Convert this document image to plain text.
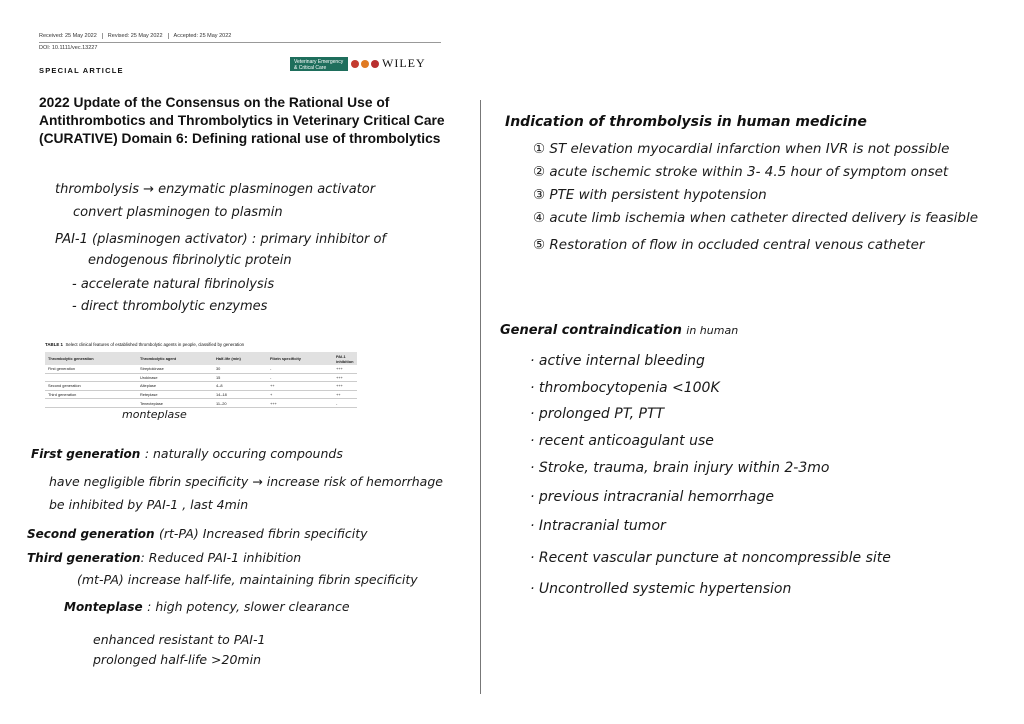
Received: 25 May 2022 Revised: 25 May 2022 Accepted: 25 May 2022
DOI: 10.1111/vec.13227
SPECIAL ARTICLE
Veterinary Emergency & Critical Care	WILEY
2022 Update of the Consensus on the Rational Use of Antithrombotics and Thrombolytics in Veterinary Critical Care (CURATIVE) Domain 6: Defining rational use of thrombolytics
thrombolysis → enzymatic plasminogen activator
convert plasminogen to plasmin
PAI-1 (plasminogen activator) : primary inhibitor of
endogenous fibrinolytic protein
- accelerate natural fibrinolysis
- direct thrombolytic enzymes
TABLE 1 Select clinical features of established thrombolytic agents in people, classified by generation
Thrombolytic generation	Thrombolytic agent	Half-life (min)	Fibrin specificity	PAI-1 inhibition
First generation	Streptokinase	30	-	+++
	Urokinase	15	-	+++
Second generation	Alteplase	4–8	++	+++
Third generation	Reteplase	14–18	+	++
	Tenecteplase	11–20	+++	-
monteplase
First generation : naturally occuring compounds
have negligible fibrin specificity → increase risk of hemorrhage
be inhibited by PAI-1 , last 4min
Second generation (rt-PA) Increased fibrin specificity
Third generation: Reduced PAI-1 inhibition
(mt-PA) increase half-life, maintaining fibrin specificity
Monteplase : high potency, slower clearance
enhanced resistant to PAI-1
prolonged half-life >20min
Indication of thrombolysis in human medicine
① ST elevation myocardial infarction when IVR is not possible
② acute ischemic stroke within 3- 4.5 hour of symptom onset
③ PTE with persistent hypotension
④ acute limb ischemia when catheter directed delivery is feasible
⑤ Restoration of flow in occluded central venous catheter
General contraindication in human
· active internal bleeding
· thrombocytopenia <100K
· prolonged PT, PTT
· recent anticoagulant use
· Stroke, trauma, brain injury within 2-3mo
· previous intracranial hemorrhage
· Intracranial tumor
· Recent vascular puncture at noncompressible site
· Uncontrolled systemic hypertension
